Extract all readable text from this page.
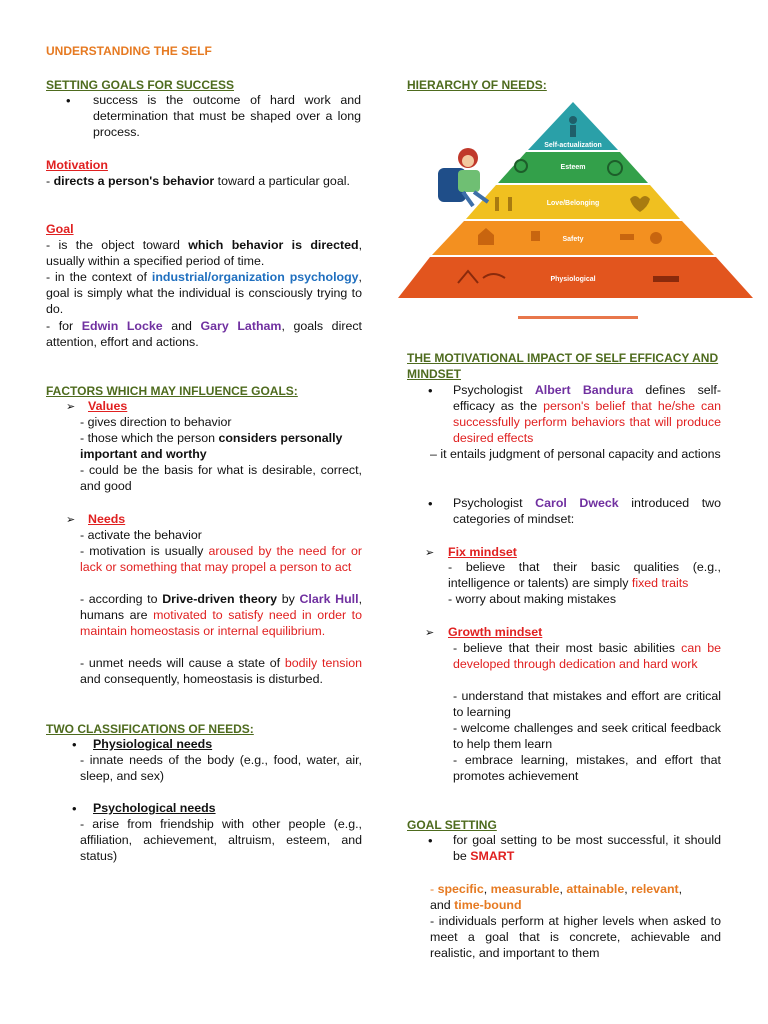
UNDERSTANDING THE SELF
SETTING GOALS FOR SUCCESS
• success is the outcome of hard work and determination that must be shaped over a long process.

Motivation

- directs a person's behavior toward a particular goal.

Goal

- is the object toward which behavior is directed, usually within a specified period of time.

- in the context of industrial/organization psychology, goal is simply what the individual is consciously trying to do.

- for Edwin Locke and Gary Latham, goals direct attention, effort and actions.

FACTORS WHICH MAY INFLUENCE GOALS:
➢ Values

- gives direction to behavior

- those which the person considers personally important and worthy

- could be the basis for what is desirable, correct, and good

➢ Needs

- activate the behavior

- motivation is usually aroused by the need for or lack or something that may propel a person to act

- according to Drive-driven theory by Clark Hull, humans are motivated to satisfy need in order to maintain homeostasis or internal equilibrium.

- unmet needs will cause a state of bodily tension and consequently, homeostasis is disturbed.

TWO CLASSIFICATIONS OF NEEDS:
• Physiological needs

- innate needs of the body (e.g., food, water, air, sleep, and sex)

• Psychological needs

- arise from friendship with other people (e.g., affiliation, achievement, altruism, esteem, and status)

HIERARCHY OF NEEDS:
Esteem
Self-actualization
Love/Belonging
Safety
Physiological
THE MOTIVATIONAL IMPACT OF SELF EFFICACY AND MINDSET
• Psychologist Albert Bandura defines self-efficacy as the person's belief that he/she can successfully perform behaviors that will produce desired effects

– it entails judgment of personal capacity and actions

• Psychologist Carol Dweck introduced two categories of mindset:

➢ Fix mindset

- believe that their basic qualities (e.g., intelligence or talents) are simply fixed traits

- worry about making mistakes

➢ Growth mindset

- believe that their most basic abilities can be developed through dedication and hard work

- understand that mistakes and effort are critical to learning

- welcome challenges and seek critical feedback to help them learn

- embrace learning, mistakes, and effort that promotes achievement

GOAL SETTING
• for goal setting to be most successful, it should be SMART

- specific, measurable, attainable, relevant,
and time-bound

- individuals perform at higher levels when asked to meet a goal that is concrete, achievable and realistic, and important to them
